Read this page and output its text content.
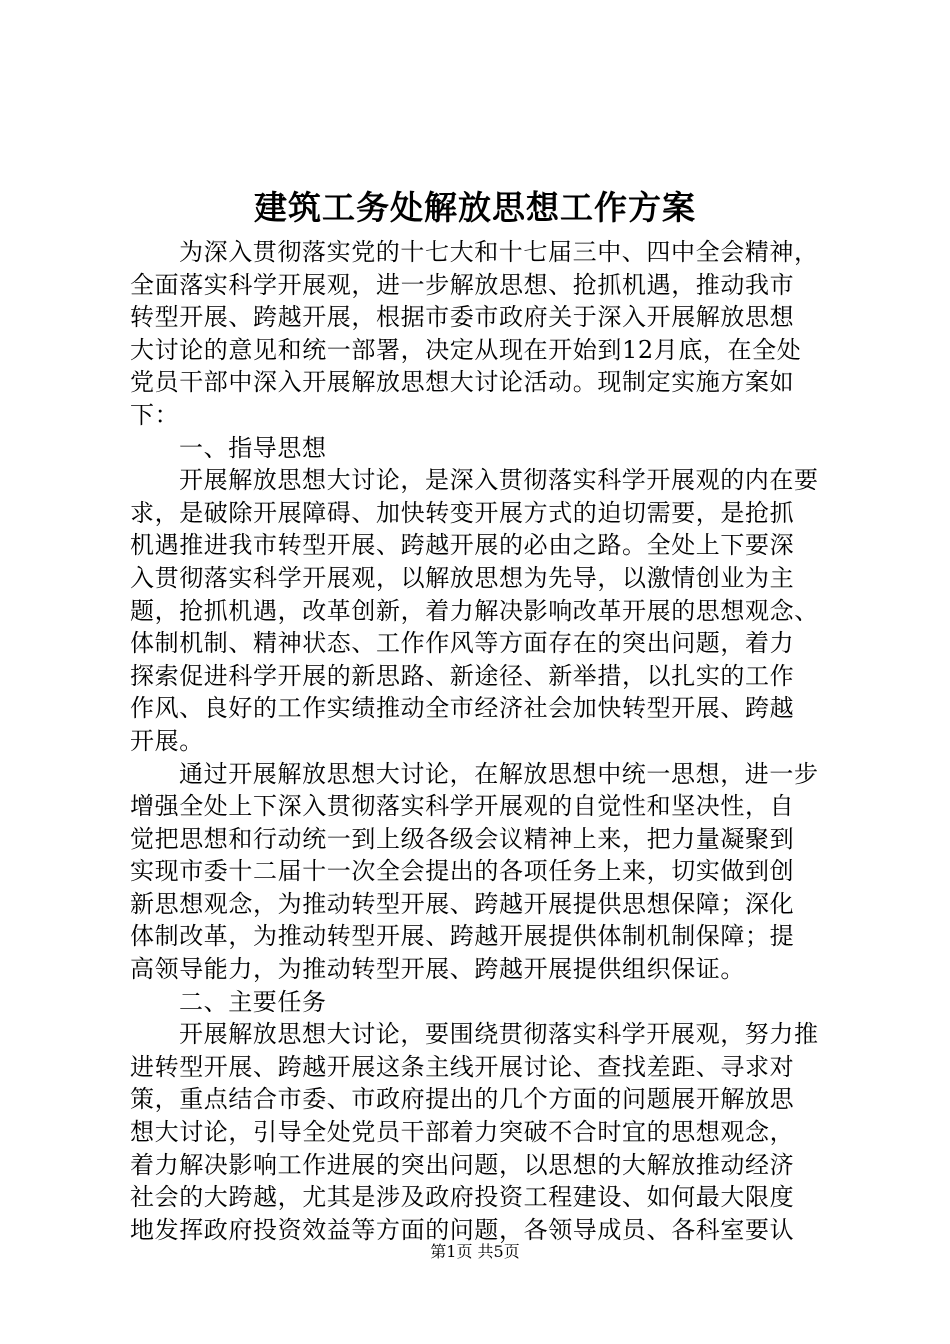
建筑工务处解放思想工作方案
为深入贯彻落实党的十七大和十七届三中、四中全会精神，
全面落实科学开展观，进一步解放思想、抢抓机遇，推动我市
转型开展、跨越开展，根据市委市政府关于深入开展解放思想
大讨论的意见和统一部署，决定从现在开始到12月底，在全处
党员干部中深入开展解放思想大讨论活动。现制定实施方案如
下：
一、指导思想
开展解放思想大讨论，是深入贯彻落实科学开展观的内在要
求，是破除开展障碍、加快转变开展方式的迫切需要，是抢抓
机遇推进我市转型开展、跨越开展的必由之路。全处上下要深
入贯彻落实科学开展观，以解放思想为先导，以激情创业为主
题，抢抓机遇，改革创新，着力解决影响改革开展的思想观念、
体制机制、精神状态、工作作风等方面存在的突出问题，着力
探索促进科学开展的新思路、新途径、新举措，以扎实的工作
作风、良好的工作实绩推动全市经济社会加快转型开展、跨越
开展。
通过开展解放思想大讨论，在解放思想中统一思想，进一步
增强全处上下深入贯彻落实科学开展观的自觉性和坚决性，自
觉把思想和行动统一到上级各级会议精神上来，把力量凝聚到
实现市委十二届十一次全会提出的各项任务上来，切实做到创
新思想观念，为推动转型开展、跨越开展提供思想保障；深化
体制改革，为推动转型开展、跨越开展提供体制机制保障；提
高领导能力，为推动转型开展、跨越开展提供组织保证。
二、主要任务
开展解放思想大讨论，要围绕贯彻落实科学开展观，努力推
进转型开展、跨越开展这条主线开展讨论、查找差距、寻求对
策，重点结合市委、市政府提出的几个方面的问题展开解放思
想大讨论，引导全处党员干部着力突破不合时宜的思想观念，
着力解决影响工作进展的突出问题，以思想的大解放推动经济
社会的大跨越，尤其是涉及政府投资工程建设、如何最大限度
地发挥政府投资效益等方面的问题，各领导成员、各科室要认
第1页 共5页
